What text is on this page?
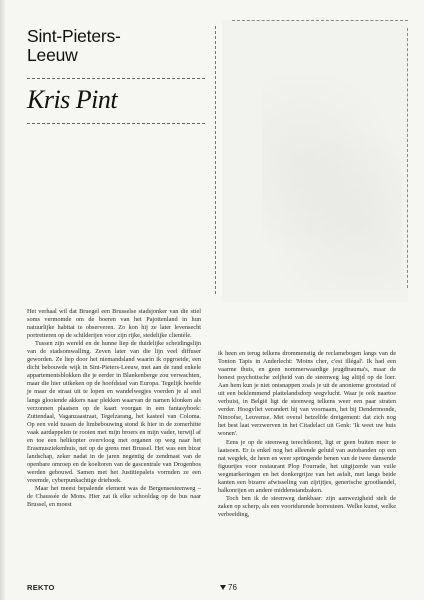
Sint-Pieters-
Leeuw
Kris Pint

Het verhaal wil dat Bruegel een Brusselse stadsjonker van die stiel soms vermomde om de boeren van het Pajottenland in hun natuurlijke habitat te observeren. Zo kon hij ze later levensecht portretteren op de schilderijen voor zijn rijke, stedelijke clientèle.

Tussen zijn wereld en de hunne liep de duidelijke scheidingslijn van de stadsomwalling. Zeven later van die lijn veel diffuser geworden. Ze liep door het niemandsland waarin ik opgroeide, een dicht bebouwde wijk in Sint-Pieters-Leeuw, met aan de rand enkele appartementsblokken die je eerder in Blankenberge zou verwachten, maar die hier uitkeken op de hoofdstad van Europa. Tegelijk hoefde je maar de straat uit te lopen en wandelwegjes voerden je al snel langs glooiende akkers naar plekken waarvan de namen klonken als verzonnen plaatsen op de kaart voorgan in een fantasyboek: Zuttendaal, Vaganzaastraat, Tegelzarang, het kasteel van Coloma. Op een veld tussen de limbebouwing stond ik hier in de zomerhitte vaak aardappelen te rooien met mijn broers en mijn vader, terwijl af en toe een helikopter overvloog met organen op weg naar het Erasmusziekenhuis, net op de grens met Brussel. Het was een bizar landschap, zeker nadat in de jaren negentig de zendmast van de openbare omroep en de koeltoren van de gascentrale van Drogenbos werden gebouwd. Samen met het Justitiepaleis vormden ze een vreemde, cyberpunkachtige driehoek.

Maar het meest bepalende element was de Bergensesteenweg – de Chaussée de Mons. Hier zat ik elke schooldag op de bus naar Brussel, en moest

ik heen en terug telkens drommenstig de reclamebogen langs van de Tonton Tapis in Anderlecht: 'Moins cher, c'est illégal'. Ik had een vaarme thuis, en geen nommerwaardige jeugdtrauma's, maar de honest psychotische zeljheid van de steenweg lag altijd op de loer. Aan hem kun je niet ontsnappen zoals je uit de anonieme grootstad of uit een beklemmend plattelandsdorp wegvlucht. Waar je ook naartoe verhuist, in België ligt de steenweg telkens weer een paar straten verder. Hoogvliet verandert hij van voornaam, het bij Dendermonde, Ninoofse, Leuvense. Met overal betzelfde dreigement: dat zich nog het best laat verzwerven in het Citadelact uit Genk: 'Ik weet uw huis wonen'.

Eens je op de steenweg terechtkomt, ligt er geen buiten meer te laatsoen. Er is enkel nog het alleende geluid van autobanden op een nat wegdek, de heen en weer sprüngende benen van de twee dansende figuurtjes voor restaurant Plop Fourrade, het uitgijzerde van vuile wegmarkeringen en het donkergrijze van het asfalt, met langs beide kanten een bizarre afwisseling van zijrijtjes, generische groothandel, balkonrijen en andere middenstandzaken.

Toch ben ik de steenweg dankbaar: zijn aanwezigheid stelt de zaken op scherp, als een voortdurende horreuteen. Welke kunst, welke verbeelding,

REKTO	76
